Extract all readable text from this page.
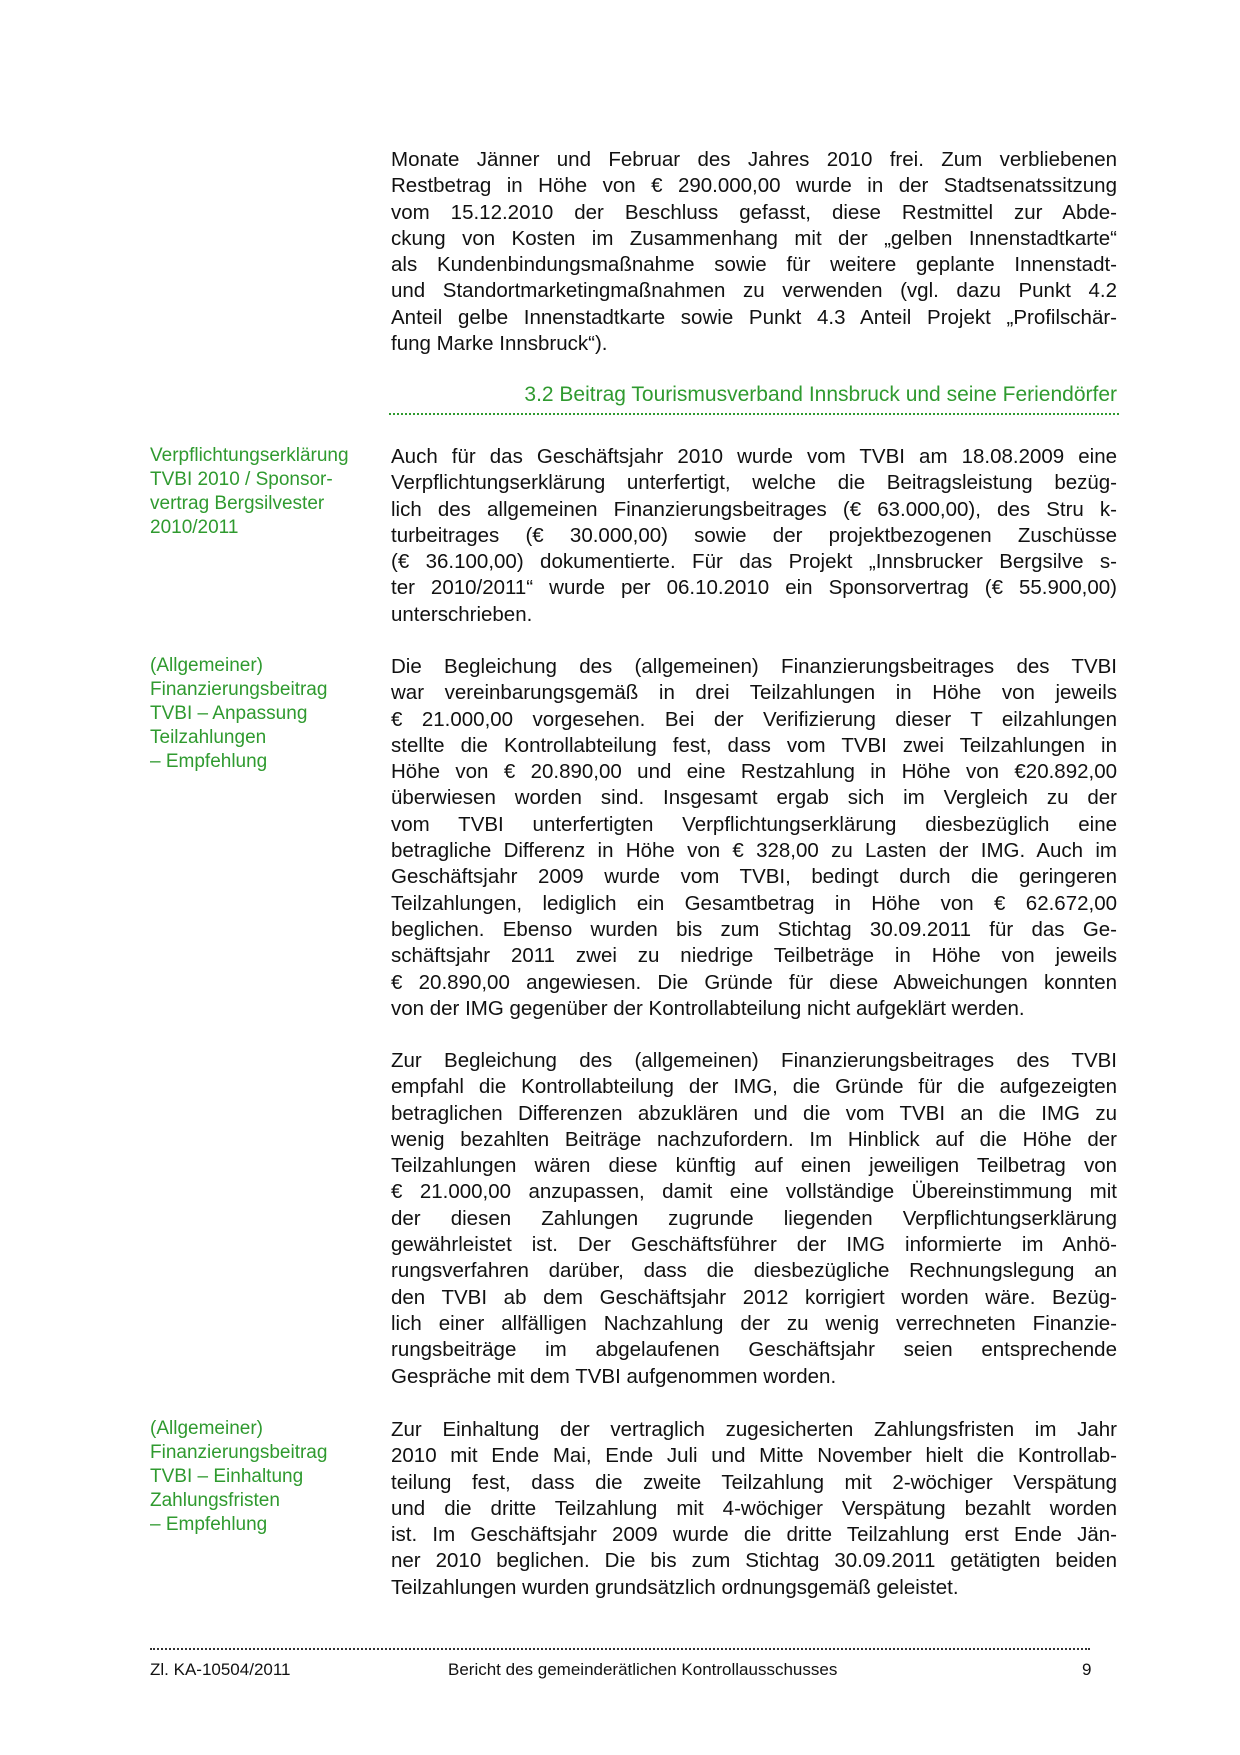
Monate Jänner und Februar des Jahres 2010 frei. Zum verbliebenen
Restbetrag in Höhe von € 290.000,00 wurde in der Stadtsenatssitzung
vom 15.12.2010 der Beschluss gefasst, diese Restmittel zur Abde-
ckung von Kosten im Zusammenhang mit der „gelben Innenstadtkarte“
als Kundenbindungsmaßnahme sowie für weitere geplante Innenstadt-
und Standortmarketingmaßnahmen zu verwenden (vgl. dazu Punkt 4.2
Anteil gelbe Innenstadtkarte sowie Punkt 4.3 Anteil Projekt „Profilschär-
fung Marke Innsbruck“).
3.2 Beitrag Tourismusverband Innsbruck und seine Feriendörfer
Verpflichtungserklärung
TVBI 2010 / Sponsor-
vertrag Bergsilvester
2010/2011
Auch für das Geschäftsjahr 2010 wurde vom TVBI am 18.08.2009 eine
Verpflichtungserklärung unterfertigt, welche die Beitragsleistung bezüg-
lich des allgemeinen Finanzierungsbeitrages (€ 63.000,00), des Stru k-
turbeitrages (€ 30.000,00) sowie der projektbezogenen Zuschüsse
(€ 36.100,00) dokumentierte. Für das Projekt „Innsbrucker Bergsilve s-
ter 2010/2011“ wurde per 06.10.2010 ein Sponsorvertrag (€ 55.900,00)
unterschrieben.
(Allgemeiner)
Finanzierungsbeitrag
TVBI – Anpassung
Teilzahlungen
– Empfehlung
Die Begleichung des (allgemeinen) Finanzierungsbeitrages des TVBI
war vereinbarungsgemäß in drei Teilzahlungen in Höhe von jeweils
€ 21.000,00 vorgesehen. Bei der Verifizierung dieser T eilzahlungen
stellte die Kontrollabteilung fest, dass vom TVBI zwei Teilzahlungen in
Höhe von € 20.890,00 und eine Restzahlung in Höhe von €20.892,00
überwiesen worden sind. Insgesamt ergab sich im Vergleich zu der
vom TVBI unterfertigten Verpflichtungserklärung diesbezüglich eine
betragliche Differenz in Höhe von € 328,00 zu Lasten der IMG. Auch im
Geschäftsjahr 2009 wurde vom TVBI, bedingt durch die geringeren
Teilzahlungen, lediglich ein Gesamtbetrag in Höhe von € 62.672,00
beglichen. Ebenso wurden bis zum Stichtag 30.09.2011 für das Ge-
schäftsjahr 2011 zwei zu niedrige Teilbeträge in Höhe von jeweils
€ 20.890,00 angewiesen. Die Gründe für diese Abweichungen konnten
von der IMG gegenüber der Kontrollabteilung nicht aufgeklärt werden.
Zur Begleichung des (allgemeinen) Finanzierungsbeitrages des TVBI
empfahl die Kontrollabteilung der IMG, die Gründe für die aufgezeigten
betraglichen Differenzen abzuklären und die vom TVBI an die IMG zu
wenig bezahlten Beiträge nachzufordern. Im Hinblick auf die Höhe der
Teilzahlungen wären diese künftig auf einen jeweiligen Teilbetrag von
€ 21.000,00 anzupassen, damit eine vollständige Übereinstimmung mit
der diesen Zahlungen zugrunde liegenden Verpflichtungserklärung
gewährleistet ist. Der Geschäftsführer der IMG informierte im Anhö-
rungsverfahren darüber, dass die diesbezügliche Rechnungslegung an
den TVBI ab dem Geschäftsjahr 2012 korrigiert worden wäre. Bezüg-
lich einer allfälligen Nachzahlung der zu wenig verrechneten Finanzie-
rungsbeiträge im abgelaufenen Geschäftsjahr seien entsprechende
Gespräche mit dem TVBI aufgenommen worden.
(Allgemeiner)
Finanzierungsbeitrag
TVBI – Einhaltung
Zahlungsfristen
– Empfehlung
Zur Einhaltung der vertraglich zugesicherten Zahlungsfristen im Jahr
2010 mit Ende Mai, Ende Juli und Mitte November hielt die Kontrollab-
teilung fest, dass die zweite Teilzahlung mit 2-wöchiger Verspätung
und die dritte Teilzahlung mit 4-wöchiger Verspätung bezahlt worden
ist. Im Geschäftsjahr 2009 wurde die dritte Teilzahlung erst Ende Jän-
ner 2010 beglichen. Die bis zum Stichtag 30.09.2011 getätigten beiden
Teilzahlungen wurden grundsätzlich ordnungsgemäß geleistet.
Zl. KA-10504/2011	Bericht des gemeinderätlichen Kontrollausschusses	9
